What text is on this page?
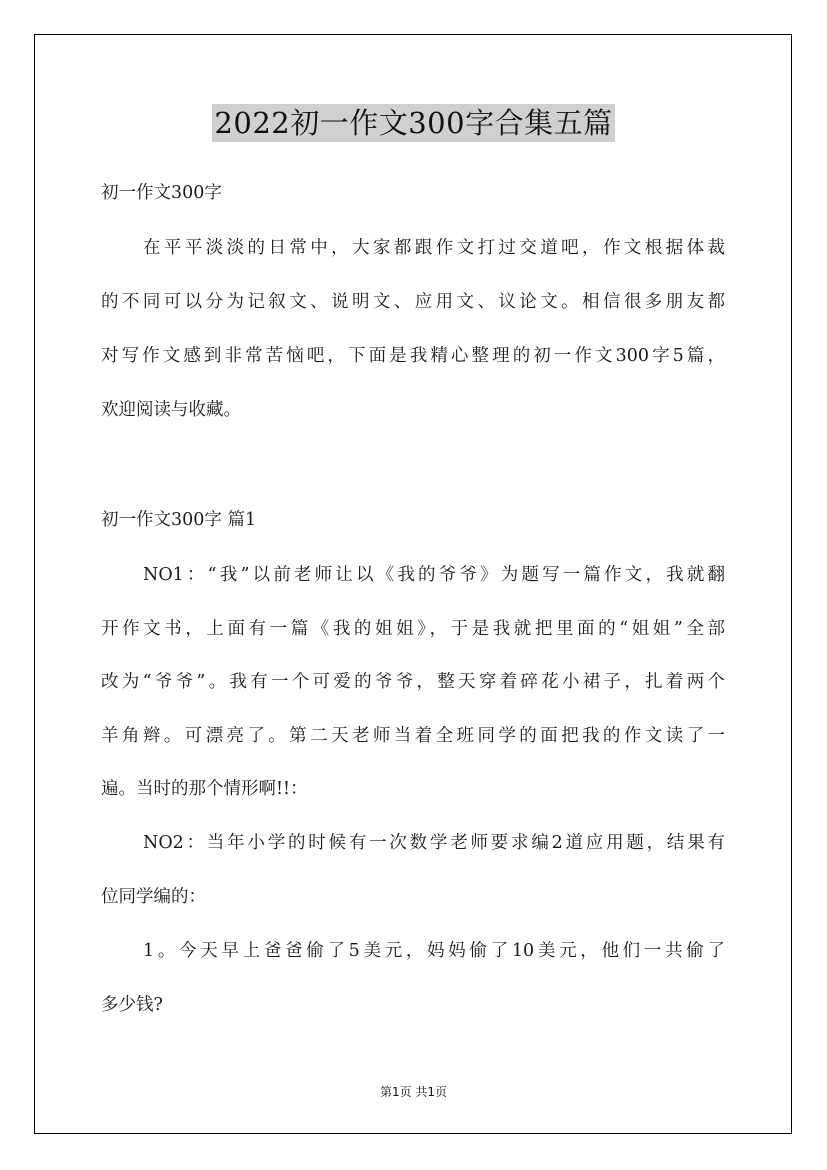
2022初一作文300字合集五篇
初一作文300字
在平平淡淡的日常中，大家都跟作文打过交道吧，作文根据体裁
的不同可以分为记叙文、说明文、应用文、议论文。相信很多朋友都
对写作文感到非常苦恼吧，下面是我精心整理的初一作文300字5篇，
欢迎阅读与收藏。
初一作文300字 篇1
NO1：“我”以前老师让以《我的爷爷》为题写一篇作文，我就翻
开作文书，上面有一篇《我的姐姐》，于是我就把里面的“姐姐”全部
改为“爷爷”。我有一个可爱的爷爷，整天穿着碎花小裙子，扎着两个
羊角辫。可漂亮了。第二天老师当着全班同学的面把我的作文读了一
遍。当时的那个情形啊!!：
NO2：当年小学的时候有一次数学老师要求编2道应用题，结果有
位同学编的：
1。今天早上爸爸偷了5美元，妈妈偷了10美元，他们一共偷了
多少钱?
第1页 共1页
